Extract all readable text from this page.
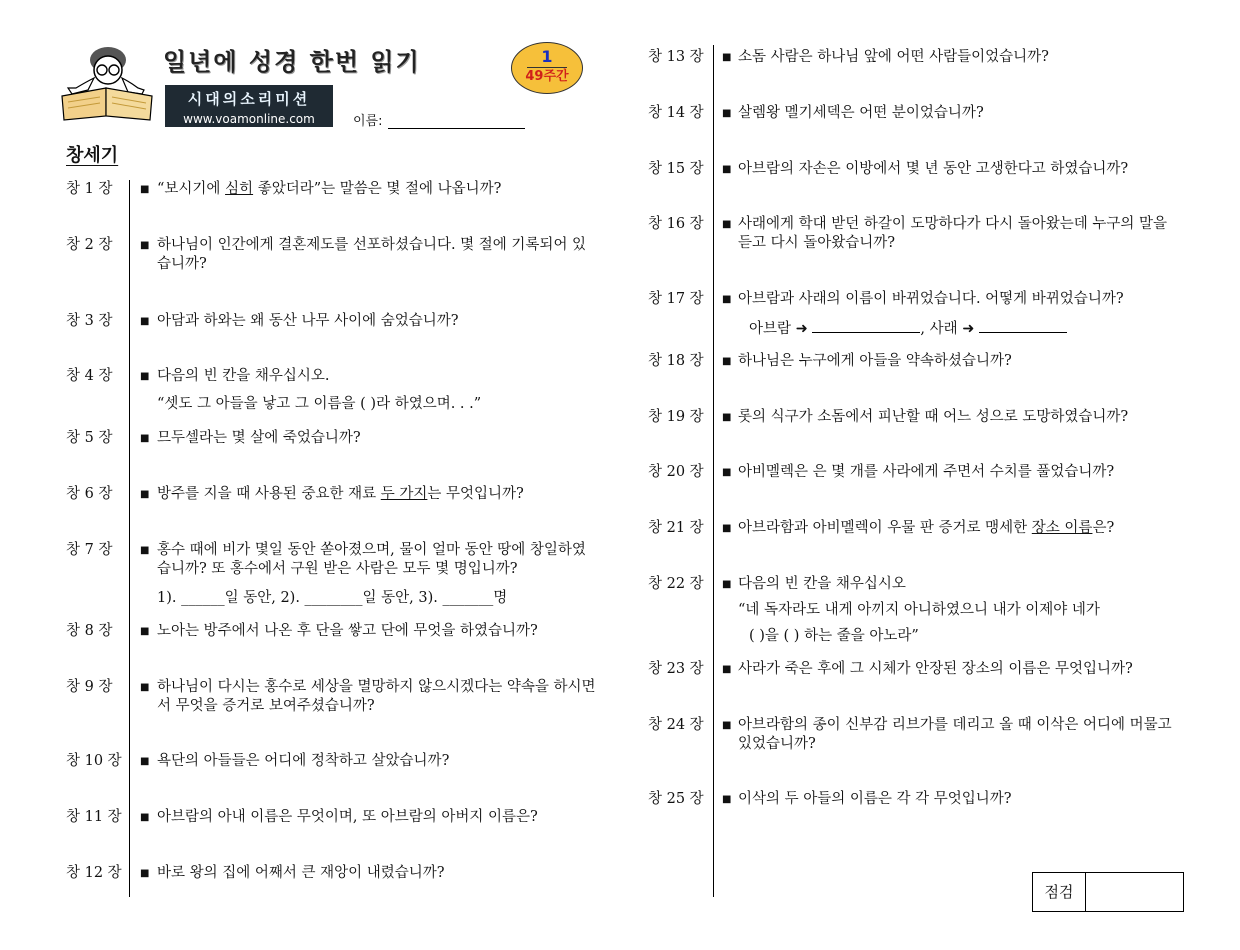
일년에 성경 한번 읽기	1
49주간
시대의소리미션
www.voamonline.com	이름:
창세기
창 1 장	■ “보시기에 심히 좋았더라”는 말씀은 몇 절에 나옵니까?
창 2 장	■ 하나님이 인간에게 결혼제도를 선포하셨습니다. 몇 절에 기록되어 있습니까?
창 3 장	■ 아담과 하와는 왜 동산 나무 사이에 숨었습니까?
창 4 장	■ 다음의 빈 칸을 채우십시오.
“셋도 그 아들을 낳고 그 이름을 ( )라 하였으며. . .”
창 5 장	■ 므두셀라는 몇 살에 죽었습니까?
창 6 장	■ 방주를 지을 때 사용된 중요한 재료 두 가지는 무엇입니까?
창 7 장	■ 홍수 때에 비가 몇일 동안 쏟아졌으며, 물이 얼마 동안 땅에 창일하였습니까? 또 홍수에서 구원 받은 사람은 모두 몇 명입니까?
1). ______일 동안, 2). ________일 동안, 3). _______명
창 8 장	■ 노아는 방주에서 나온 후 단을 쌓고 단에 무엇을 하였습니까?
창 9 장	■ 하나님이 다시는 홍수로 세상을 멸망하지 않으시겠다는 약속을 하시면서 무엇을 증거로 보여주셨습니까?
창 10 장 ■ 욕단의 아들들은 어디에 정착하고 살았습니까?
창 11 장 ■ 아브람의 아내 이름은 무엇이며, 또 아브람의 아버지 이름은?
창 12 장 ■ 바로 왕의 집에 어째서 큰 재앙이 내렸습니까?
창 13 장 ■ 소돔 사람은 하나님 앞에 어떤 사람들이었습니까?
창 14 장 ■ 살렘왕 멜기세덱은 어떤 분이었습니까?
창 15 장 ■ 아브람의 자손은 이방에서 몇 년 동안 고생한다고 하였습니까?
창 16 장 ■ 사래에게 학대 받던 하갈이 도망하다가 다시 돌아왔는데 누구의 말을 듣고 다시 돌아왔습니까?
창 17 장 ■ 아브람과 사래의 이름이 바뀌었습니다. 어떻게 바뀌었습니까?
아브람 ➜	, 사래 ➜
창 18 장 ■ 하나님은 누구에게 아들을 약속하셨습니까?
창 19 장 ■ 롯의 식구가 소돔에서 피난할 때 어느 성으로 도망하였습니까?
창 20 장 ■ 아비멜렉은 은 몇 개를 사라에게 주면서 수치를 풀었습니까?
창 21 장 ■ 아브라함과 아비멜렉이 우물 판 증거로 맹세한 장소 이름은?
창 22 장 ■ 다음의 빈 칸을 채우십시오
“네 독자라도 내게 아끼지 아니하였으니 내가 이제야 네가
( )을 ( ) 하는 줄을 아노라”
창 23 장 ■ 사라가 죽은 후에 그 시체가 안장된 장소의 이름은 무엇입니까?
창 24 장 ■ 아브라함의 종이 신부감 리브가를 데리고 올 때 이삭은 어디에 머물고 있었습니까?
창 25 장 ■ 이삭의 두 아들의 이름은 각 각 무엇입니까?
점검
